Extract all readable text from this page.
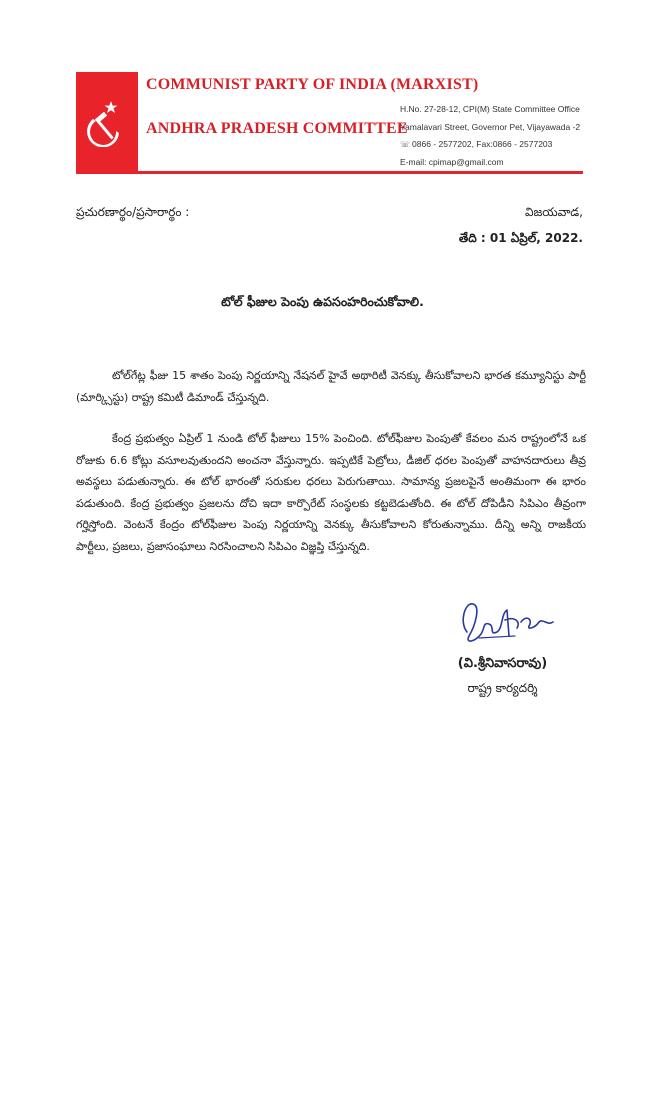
COMMUNIST PARTY OF INDIA (MARXIST)
ANDHRA PRADESH COMMITTEE
H.No. 27-28-12, CPI(M) State Committee Office
Yamalavari Street, Governor Pet, Vijayawada -2
☏ 0866 - 2577202, Fax:0866 - 2577203
E-mail: cpimap@gmail.com
ప్రచురణార్థం/ప్రసారార్థం :	విజయవాడ,
తేది : 01 ఏప్రిల్, 2022.
టోల్ ఫీజుల పెంపు ఉపసంహరించుకోవాలి.

టోల్‌గేట్ల ఫీజు 15 శాతం పెంపు నిర్ణయాన్ని నేషనల్ హైవే అథారిటీ వెనక్కు తీసుకోవాలని భారత కమ్యూనిస్టు పార్టీ (మార్క్సిస్టు) రాష్ట్ర కమిటీ డిమాండ్ చేస్తున్నది.

కేంద్ర ప్రభుత్వం ఏప్రిల్ 1 నుండి టోల్ ఫీజులు 15% పెంచింది. టోల్‌ఫీజుల పెంపుతో కేవలం మన రాష్ట్రంలోనే ఒక రోజుకు 6.6 కోట్లు వసూలవుతుందని అంచనా వేస్తున్నారు. ఇప్పటికే పెట్రోలు, డీజిల్ ధరల పెంపుతో వాహనదారులు తీవ్ర అవస్థలు పడుతున్నారు. ఈ టోల్ భారంతో సరుకుల ధరలు పెరుగుతాయి. సామాన్య ప్రజలపైనే అంతిమంగా ఈ భారం పడుతుంది. కేంద్ర ప్రభుత్వం ప్రజలను దోచి ఇదా కార్పొరేట్ సంస్థలకు కట్టబెడుతోంది. ఈ టోల్ దోపిడీని సిపిఎం తీవ్రంగా గర్హిస్తోంది. వెంటనే కేంద్రం టోల్‌ఫీజుల పెంపు నిర్ణయాన్ని వెనక్కు తీసుకోవాలని కోరుతున్నాము. దీన్ని అన్ని రాజకీయ పార్టీలు, ప్రజలు, ప్రజాసంఘాలు నిరసించాలని సిపిఎం విజ్ఞప్తి చేస్తున్నది.

(వి.శ్రీనివాసరావు)
రాష్ట్ర కార్యదర్శి
